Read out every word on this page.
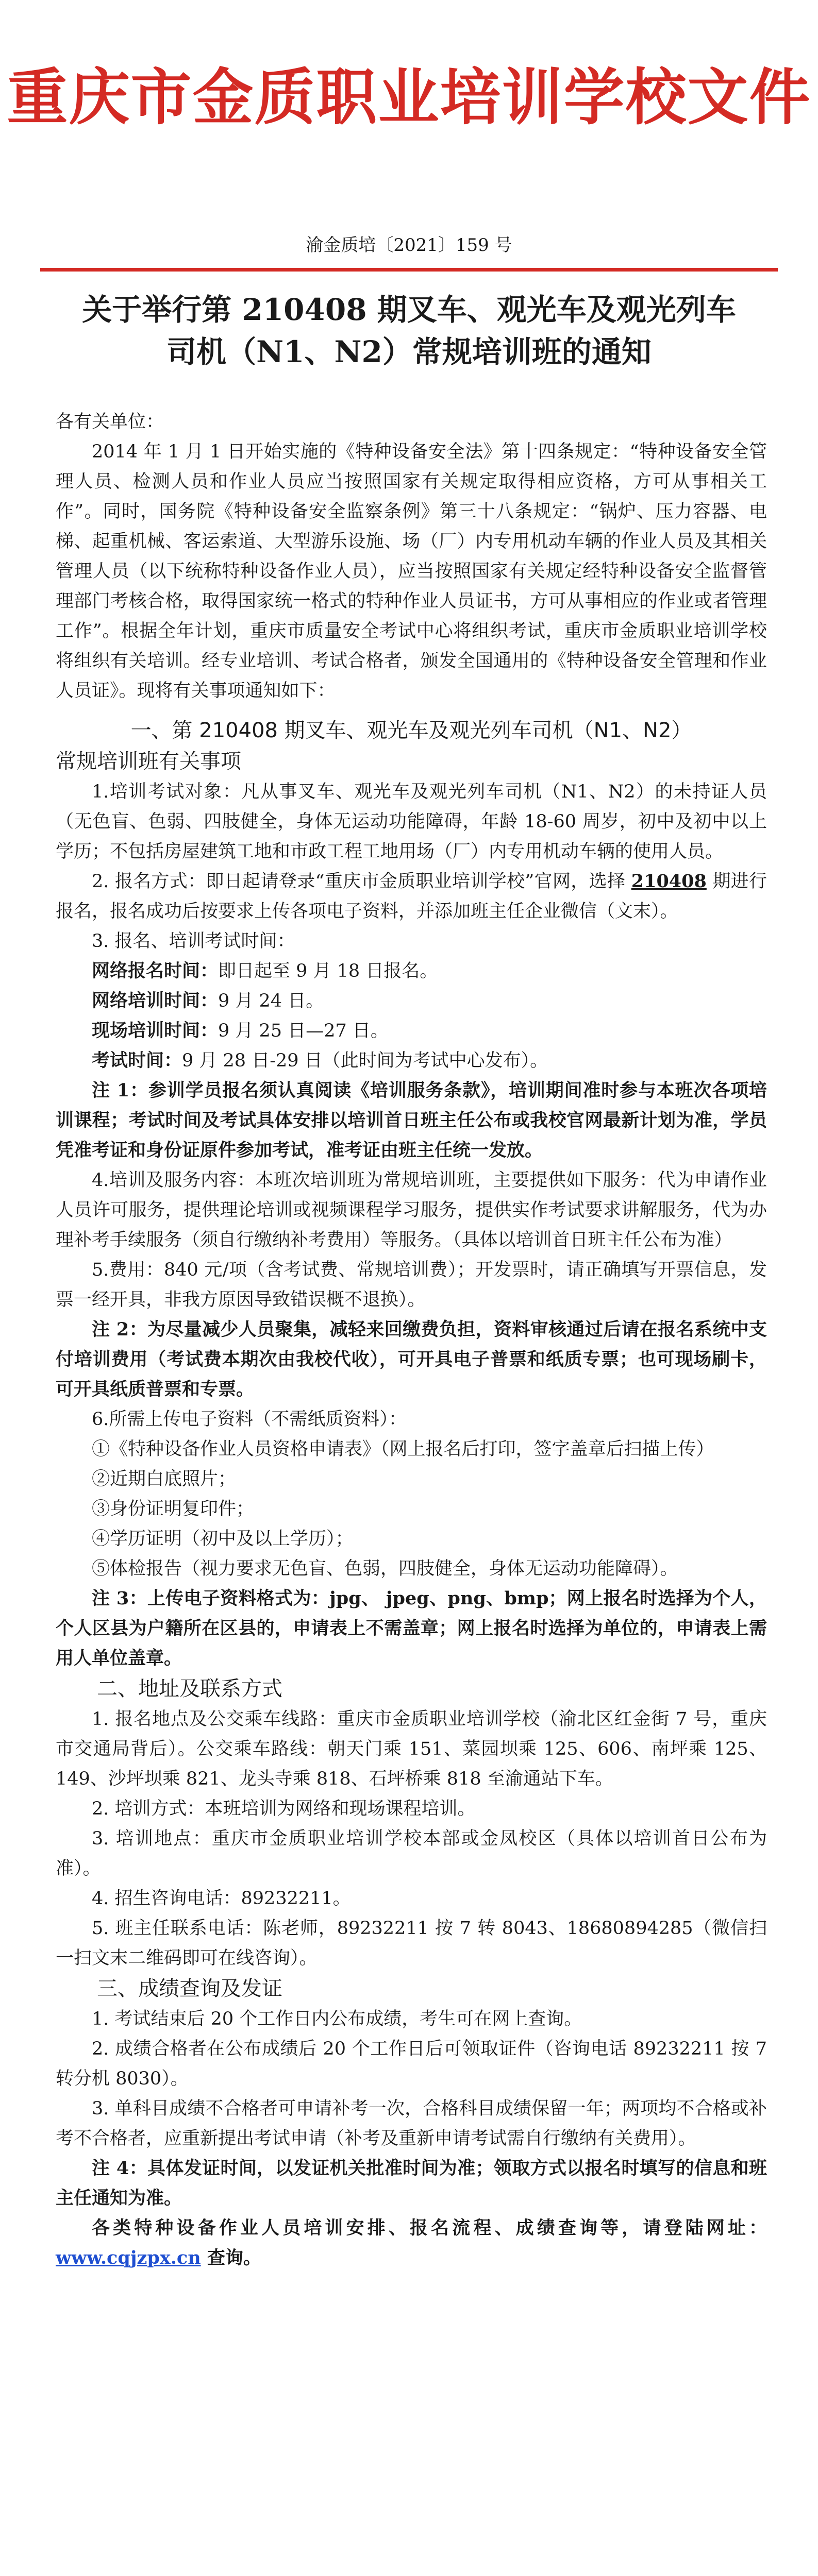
重庆市金质职业培训学校文件
渝金质培〔2021〕159 号
关于举行第 210408 期叉车、观光车及观光列车
司机（N1、N2）常规培训班的通知

各有关单位：

2014 年 1 月 1 日开始实施的《特种设备安全法》第十四条规定：“特种设备安全管理人员、检测人员和作业人员应当按照国家有关规定取得相应资格，方可从事相关工作”。同时，国务院《特种设备安全监察条例》第三十八条规定：“锅炉、压力容器、电梯、起重机械、客运索道、大型游乐设施、场（厂）内专用机动车辆的作业人员及其相关管理人员（以下统称特种设备作业人员），应当按照国家有关规定经特种设备安全监督管理部门考核合格，取得国家统一格式的特种作业人员证书，方可从事相应的作业或者管理工作”。根据全年计划，重庆市质量安全考试中心将组织考试，重庆市金质职业培训学校将组织有关培训。经专业培训、考试合格者，颁发全国通用的《特种设备安全管理和作业人员证》。现将有关事项通知如下：

一、第 210408 期叉车、观光车及观光列车司机（N1、N2）

常规培训班有关事项

1.培训考试对象：凡从事叉车、观光车及观光列车司机（N1、N2）的未持证人员（无色盲、色弱、四肢健全，身体无运动功能障碍，年龄 18-60 周岁，初中及初中以上学历；不包括房屋建筑工地和市政工程工地用场（厂）内专用机动车辆的使用人员。

2. 报名方式：即日起请登录“重庆市金质职业培训学校”官网，选择 210408 期进行报名，报名成功后按要求上传各项电子资料，并添加班主任企业微信（文末）。

3. 报名、培训考试时间：

网络报名时间：即日起至 9 月 18 日报名。

网络培训时间：9 月 24 日。

现场培训时间：9 月 25 日—27 日。

考试时间：9 月 28 日-29 日（此时间为考试中心发布）。

注 1：参训学员报名须认真阅读《培训服务条款》，培训期间准时参与本班次各项培训课程；考试时间及考试具体安排以培训首日班主任公布或我校官网最新计划为准，学员凭准考证和身份证原件参加考试，准考证由班主任统一发放。

4.培训及服务内容：本班次培训班为常规培训班，主要提供如下服务：代为申请作业人员许可服务，提供理论培训或视频课程学习服务，提供实作考试要求讲解服务，代为办理补考手续服务（须自行缴纳补考费用）等服务。（具体以培训首日班主任公布为准）

5.费用：840 元/项（含考试费、常规培训费）；开发票时，请正确填写开票信息，发票一经开具，非我方原因导致错误概不退换）。

注 2：为尽量减少人员聚集，减轻来回缴费负担，资料审核通过后请在报名系统中支付培训费用（考试费本期次由我校代收），可开具电子普票和纸质专票；也可现场刷卡，可开具纸质普票和专票。

6.所需上传电子资料（不需纸质资料）：

①《特种设备作业人员资格申请表》（网上报名后打印，签字盖章后扫描上传）

②近期白底照片；

③身份证明复印件；

④学历证明（初中及以上学历）；

⑤体检报告（视力要求无色盲、色弱，四肢健全，身体无运动功能障碍）。

注 3：上传电子资料格式为：jpg、 jpeg、png、bmp；网上报名时选择为个人，个人区县为户籍所在区县的，申请表上不需盖章；网上报名时选择为单位的，申请表上需用人单位盖章。

二、地址及联系方式

1. 报名地点及公交乘车线路：重庆市金质职业培训学校（渝北区红金街 7 号，重庆市交通局背后）。公交乘车路线：朝天门乘 151、菜园坝乘 125、606、南坪乘 125、149、沙坪坝乘 821、龙头寺乘 818、石坪桥乘 818 至渝通站下车。

2. 培训方式：本班培训为网络和现场课程培训。

3. 培训地点：重庆市金质职业培训学校本部或金凤校区（具体以培训首日公布为准）。

4. 招生咨询电话：89232211。

5. 班主任联系电话：陈老师，89232211 按 7 转 8043、18680894285（微信扫一扫文末二维码即可在线咨询）。

三、成绩查询及发证

1. 考试结束后 20 个工作日内公布成绩，考生可在网上查询。

2. 成绩合格者在公布成绩后 20 个工作日后可领取证件（咨询电话 89232211 按 7 转分机 8030）。

3. 单科目成绩不合格者可申请补考一次，合格科目成绩保留一年；两项均不合格或补考不合格者，应重新提出考试申请（补考及重新申请考试需自行缴纳有关费用）。

注 4：具体发证时间，以发证机关批准时间为准；领取方式以报名时填写的信息和班主任通知为准。

各类特种设备作业人员培训安排、报名流程、成绩查询等，请登陆网址：www.cqjzpx.cn 查询。
